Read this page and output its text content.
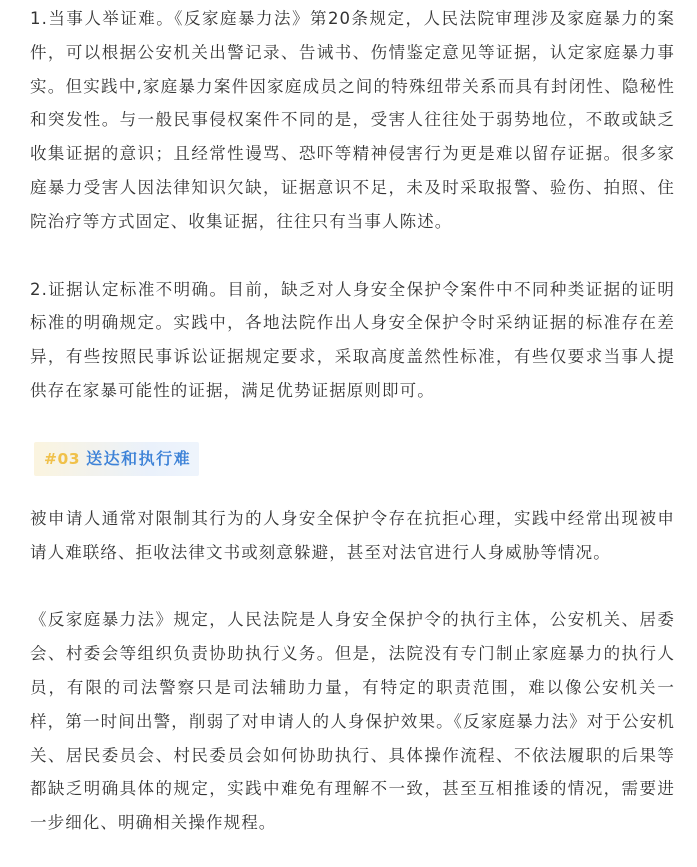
1.当事人举证难。《反家庭暴力法》第20条规定，人民法院审理涉及家庭暴力的案件，可以根据公安机关出警记录、告诫书、伤情鉴定意见等证据，认定家庭暴力事实。但实践中,家庭暴力案件因家庭成员之间的特殊纽带关系而具有封闭性、隐秘性和突发性。与一般民事侵权案件不同的是，受害人往往处于弱势地位，不敢或缺乏收集证据的意识；且经常性谩骂、恐吓等精神侵害行为更是难以留存证据。很多家庭暴力受害人因法律知识欠缺，证据意识不足，未及时采取报警、验伤、拍照、住院治疗等方式固定、收集证据，往往只有当事人陈述。

2.证据认定标准不明确。目前，缺乏对人身安全保护令案件中不同种类证据的证明标准的明确规定。实践中，各地法院作出人身安全保护令时采纳证据的标准存在差异，有些按照民事诉讼证据规定要求，采取高度盖然性标准，有些仅要求当事人提供存在家暴可能性的证据，满足优势证据原则即可。

#03 送达和执行难

被申请人通常对限制其行为的人身安全保护令存在抗拒心理，实践中经常出现被申请人难联络、拒收法律文书或刻意躲避，甚至对法官进行人身威胁等情况。

《反家庭暴力法》规定，人民法院是人身安全保护令的执行主体，公安机关、居委会、村委会等组织负责协助执行义务。但是，法院没有专门制止家庭暴力的执行人员，有限的司法警察只是司法辅助力量，有特定的职责范围，难以像公安机关一样，第一时间出警，削弱了对申请人的人身保护效果。《反家庭暴力法》对于公安机关、居民委员会、村民委员会如何协助执行、具体操作流程、不依法履职的后果等都缺乏明确具体的规定，实践中难免有理解不一致，甚至互相推诿的情况，需要进一步细化、明确相关操作规程。
